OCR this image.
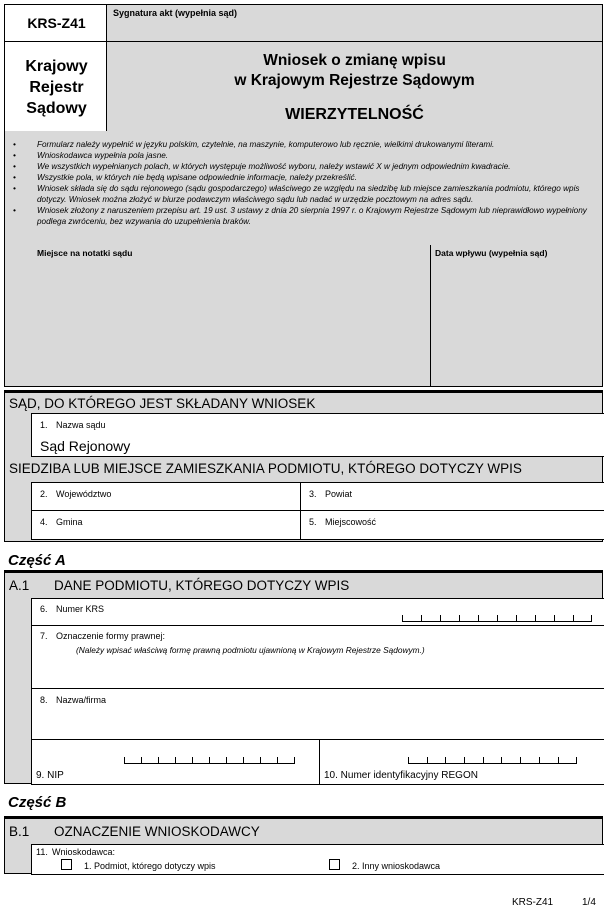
KRS-Z41
Sygnatura akt (wypełnia sąd)
Krajowy
Rejestr
Sądowy
Wniosek o zmianę wpisu
w Krajowym Rejestrze Sądowym
WIERZYTELNOŚĆ
•	Formularz należy wypełnić w języku polskim, czytelnie, na maszynie, komputerowo lub ręcznie, wielkimi drukowanymi literami.
•	Wnioskodawca wypełnia pola jasne.
•	We wszystkich wypełnianych polach, w których występuje możliwość wyboru, należy wstawić X w jednym odpowiednim kwadracie.
•	Wszystkie pola, w których nie będą wpisane odpowiednie informacje, należy przekreślić.
•	Wniosek składa się do sądu rejonowego (sądu gospodarczego) właściwego ze względu na siedzibę lub miejsce zamieszkania podmiotu, którego wpis dotyczy. Wniosek można złożyć w biurze podawczym właściwego sądu lub nadać w urzędzie pocztowym na adres sądu.
•	Wniosek złożony z naruszeniem przepisu art. 19 ust. 3 ustawy z dnia 20 sierpnia 1997 r. o Krajowym Rejestrze Sądowym lub nieprawidłowo wypełniony podlega zwróceniu, bez wzywania do uzupełnienia braków.
Miejsce na notatki sądu	Data wpływu (wypełnia sąd)
SĄD, DO KTÓREGO JEST SKŁADANY WNIOSEK
1. Nazwa sądu
Sąd Rejonowy
SIEDZIBA LUB MIEJSCE ZAMIESZKANIA PODMIOTU, KTÓREGO DOTYCZY WPIS
2. Województwo	3. Powiat
4. Gmina	5. Miejscowość
Część A
A.1 DANE PODMIOTU, KTÓREGO DOTYCZY WPIS
6. Numer KRS
7. Oznaczenie formy prawnej:
(Należy wpisać właściwą formę prawną podmiotu ujawnioną w Krajowym Rejestrze Sądowym.)
8. Nazwa/firma
9. NIP	10. Numer identyfikacyjny REGON
Część B
B.1 OZNACZENIE WNIOSKODAWCY
11. Wnioskodawca:
1. Podmiot, którego dotyczy wpis	2. Inny wnioskodawca
KRS-Z41	1/4
